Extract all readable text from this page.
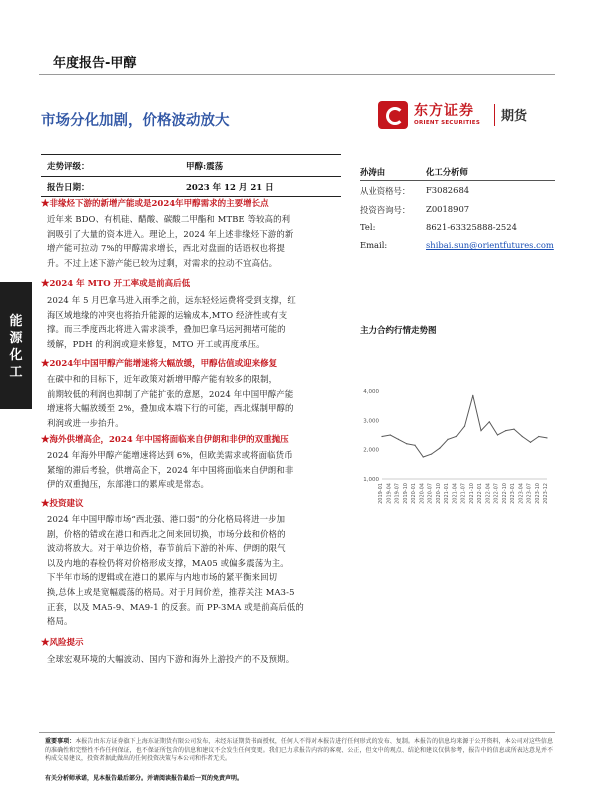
年度报告-甲醇
市场分化加剧，价格波动放大
东方证券
ORIENT SECURITIES 期货
走势评级：	甲醇:震荡
报告日期：	2023 年 12 月 21 日
能
源
化
工
★非缘烃下游的新增产能或是2024年甲醇需求的主要增长点
近年来 BDO、有机硅、醋酸、碳酸二甲酯和 MTBE 等较高的利
润吸引了大量的资本进入。理论上，2024 年上述非缘烃下游的新
增产能可拉动 7%的甲醇需求增长，西北对盘面的话语权也将提
升。不过上述下游产能已较为过剩，对需求的拉动不宜高估。
★2024 年 MTO 开工率或是前高后低
2024 年 5 月巴拿马进入雨季之前，远东轻烃运费将受到支撑，红
海区域地缘的冲突也将抬升能源的运输成本,MTO 经济性或有支
撑。而三季度西北将进入需求淡季，叠加巴拿马运河拥堵可能的
缓解，PDH 的利润或迎来修复，MTO 开工或再度承压。
★2024年中国甲醇产能增速将大幅放缓，甲醇估值或迎来修复
在碳中和的目标下，近年政策对新增甲醇产能有较多的限制，
前期较低的利润也抑制了产能扩张的意愿，2024 年中国甲醇产能
增速将大幅放缓至 2%，叠加成本端下行的可能，西北煤制甲醇的
利润或进一步抬升。
★海外供增高企，2024 年中国将面临来自伊朗和非伊的双重抛压
2024 年海外甲醇产能增速将达到 6%，但欧美需求或将面临货币
紧缩的滞后考验，供增高企下，2024 年中国将面临来自伊朗和非
伊的双重抛压，东部港口的累库或是常态。
★投资建议
2024 年中国甲醇市场“西北强、港口弱”的分化格局将进一步加
剧，价格的错或在港口和西北之间来回切换，市场分歧和价格的
波动将放大。对于单边价格，春节前后下游的补库、伊朗的限气
以及内地的春检仍将对价格形成支撑，MA05 或偏多震荡为主。
下半年市场的逻辑或在港口的累库与内地市场的紧平衡来回切
换,总体上或是宽幅震荡的格局。对于月间价差，推荐关注 MA3-5
正套，以及 MA5-9、MA9-1 的反套。而 PP-3MA 或是前高后低的
格局。
★风险提示
全球宏观环境的大幅波动、国内下游和海外上游投产的不及预期。
孙涛由	化工分析师
从业资格号： F3082684
投资咨询号： Z0018907
Tel:	8621-63325888-2524
Email:	shibai.sun@orientfutures.com
主力合约行情走势图
1,000
2,000
3,000
4,000
2019-01 2019-04 2019-07 2019-10 2020-01 2020-04 2020-07 2020-10 2021-01 2021-04 2021-07 2021-10 2022-01 2022-04 2022-07 2022-10 2023-01 2023-04 2023-07 2023-10 2023-12
重要事项：本报告由东方证券旗下上海东证期货有限公司发布，未经东证期货书面授权，任何人不得对本报告进行任何形式的发布、复制。本报告的信息均来源于公开资料，本公司对这些信息的准确性和完整性不作任何保证，也不保证所包含的信息和建议不会发生任何变更。我们已力求报告内容的客观、公正，但文中的观点、结论和建议仅供参考，报告中的信息或所表达意见并不构成交易建议，投资者据此做出的任何投资决策与本公司和作者无关。
有关分析师承诺，见本报告最后部分。并请阅读报告最后一页的免责声明。
